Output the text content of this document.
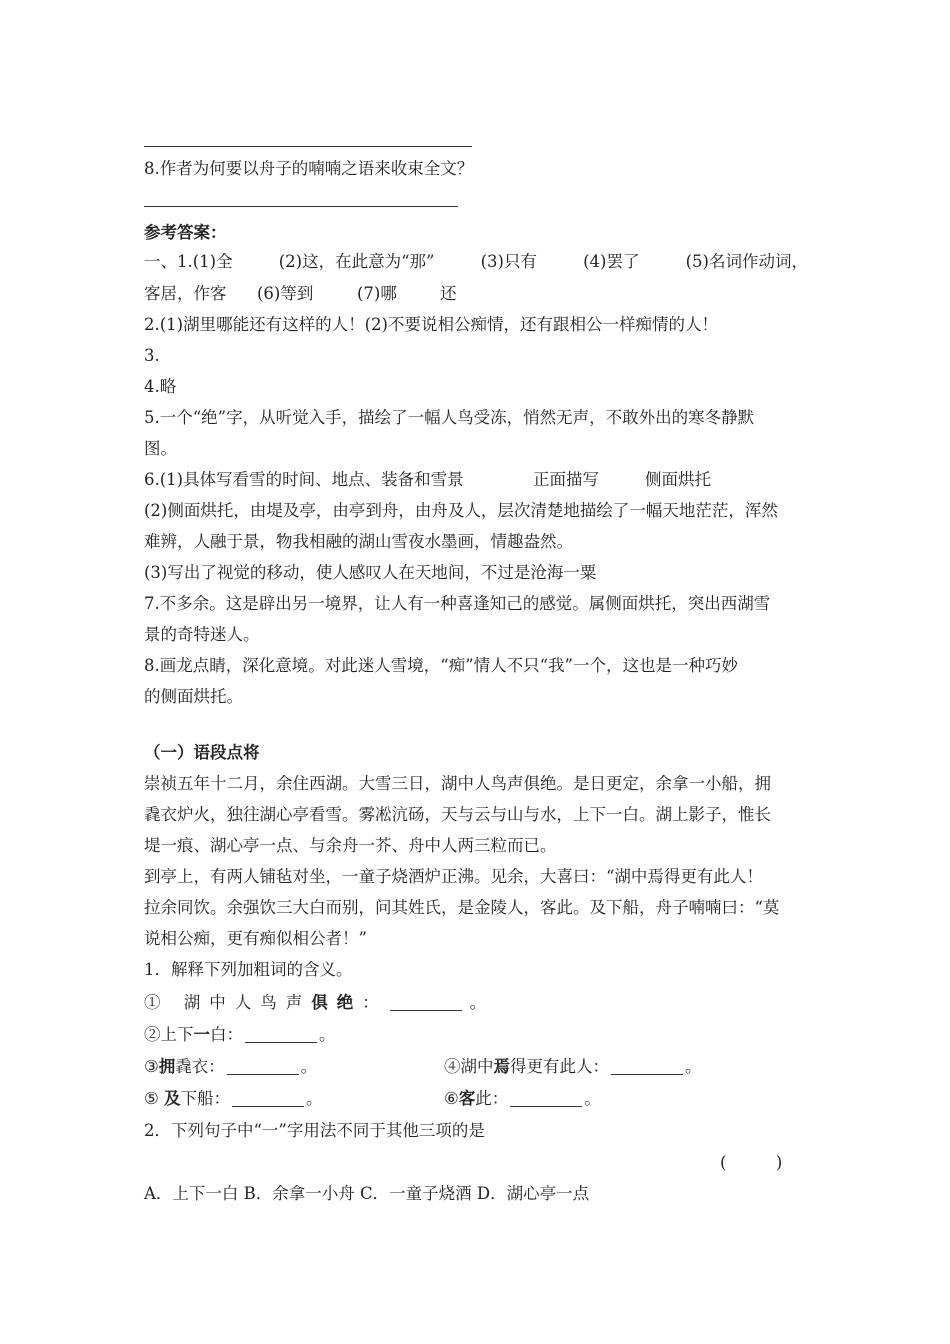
8.作者为何要以舟子的喃喃之语来收束全文？
参考答案：
一、1.(1)全	(2)这，在此意为“那”	(3)只有	(4)罢了	(5)名词作动词，
客居，作客 (6)等到	(7)哪	还
2.(1)湖里哪能还有这样的人！(2)不要说相公痴情，还有跟相公一样痴情的人！
3.
4.略
5.一个“绝”字，从听觉入手，描绘了一幅人鸟受冻，悄然无声，不敢外出的寒冬静默
图。
6.(1)具体写看雪的时间、地点、装备和雪景	正面描写	侧面烘托
(2)侧面烘托，由堤及亭，由亭到舟，由舟及人，层次清楚地描绘了一幅天地茫茫，浑然
难辨，人融于景，物我相融的湖山雪夜水墨画，情趣盎然。
(3)写出了视觉的移动，使人感叹人在天地间，不过是沧海一粟
7.不多余。这是辟出另一境界，让人有一种喜逢知己的感觉。属侧面烘托，突出西湖雪
景的奇特迷人。
8.画龙点睛，深化意境。对此迷人雪境，“痴”情人不只“我”一个，这也是一种巧妙
的侧面烘托。
（一）语段点将
崇祯五年十二月，余住西湖。大雪三日，湖中人鸟声俱绝。是日更定，余拿一小船，拥
毳衣炉火，独往湖心亭看雪。雾凇沆砀，天与云与山与水，上下一白。湖上影子，惟长
堤一痕、湖心亭一点、与余舟一芥、舟中人两三粒而已。
到亭上，有两人铺毡对坐，一童子烧酒炉正沸。见余，大喜曰：“湖中焉得更有此人！
拉余同饮。余强饮三大白而别，问其姓氏，是金陵人，客此。及下船，舟子喃喃曰：“莫
说相公痴，更有痴似相公者！”
1．解释下列加粗词的含义。
① 湖中人鸟声俱绝：	。
②上下一白：	。
③拥毳衣：	。	④湖中焉得更有此人：	。
⑤ 及下船：	。	⑥客此：	。
2．下列句子中“一”字用法不同于其他三项的是
(　　　)
A．上下一白 B．余拿一小舟 C．一童子烧酒 D．湖心亭一点
